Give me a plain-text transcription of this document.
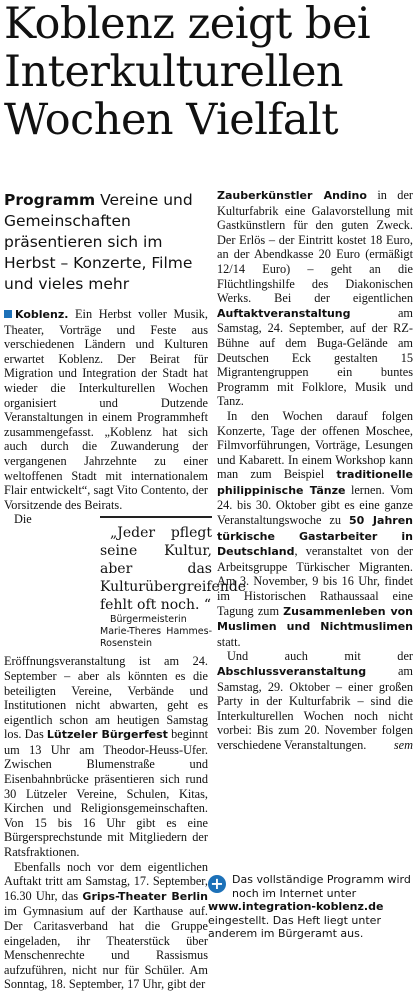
Koblenz zeigt bei
Interkulturellen
Wochen Vielfalt

Programm Vereine und Gemeinschaften präsentieren sich im Herbst – Konzerte, Filme und vieles mehr

Koblenz. Ein Herbst voller Musik, Theater, Vorträge und Feste aus verschiedenen Ländern und Kulturen erwartet Koblenz. Der Beirat für Migration und Integration der Stadt hat wieder die Interkulturellen Wochen organisiert und Dutzende Veranstaltungen in einem Programmheft zusammengefasst. „Koblenz hat sich auch durch die Zuwanderung der vergangenen Jahrzehnte zu einer weltoffenen Stadt mit internationalem Flair entwickelt“, sagt Vito Contento, der Vorsitzende des Beirats.

„Jeder pflegt seine Kultur, aber das Kulturübergreifende fehlt oft noch. “

Bürgermeisterin Marie-Theres Hammes-Rosenstein

Die Eröffnungsveranstaltung ist am 24. September – aber als könnten es die beteiligten Vereine, Verbände und Institutionen nicht abwarten, geht es eigentlich schon am heutigen Samstag los. Das Lützeler Bürgerfest beginnt um 13 Uhr am Theodor-Heuss-Ufer. Zwischen Blumenstraße und Eisenbahnbrücke präsentieren sich rund 30 Lützeler Vereine, Schulen, Kitas, Kirchen und Religionsgemeinschaften. Von 15 bis 16 Uhr gibt es eine Bürgersprechstunde mit Mitgliedern der Ratsfraktionen.

Ebenfalls noch vor dem eigentlichen Auftakt tritt am Samstag, 17. September, 16.30 Uhr, das Grips-Theater Berlin im Gymnasium auf der Karthause auf. Der Caritasverband hat die Gruppe eingeladen, ihr Theaterstück über Menschenrechte und Rassismus aufzuführen, nicht nur für Schüler. Am Sonntag, 18. September, 17 Uhr, gibt der

Zauberkünstler Andino in der Kulturfabrik eine Galavorstellung mit Gastkünstlern für den guten Zweck. Der Erlös – der Eintritt kostet 18 Euro, an der Abendkasse 20 Euro (ermäßigt 12/14 Euro) – geht an die Flüchtlingshilfe des Diakonischen Werks. Bei der eigentlichen Auftaktveranstaltung	am Samstag, 24. September, auf der RZ-Bühne auf dem Buga-Gelände am Deutschen Eck gestalten 15 Migrantengruppen ein buntes Programm mit Folklore, Musik und Tanz.

In den Wochen darauf folgen Konzerte, Tage der offenen Moschee, Filmvorführungen, Vorträge, Lesungen und Kabarett. In einem Workshop kann man zum Beispiel traditionelle philippinische Tänze lernen. Vom 24. bis 30. Oktober gibt es eine ganze Veranstaltungswoche zu 50 Jahren türkische Gastarbeiter in Deutschland, veranstaltet von der Arbeitsgruppe Türkischer Migranten. Am 3. November, 9 bis 16 Uhr, findet im Historischen Rathaussaal eine Tagung zum Zusammenleben von Muslimen und Nichtmuslimen statt.

Und auch mit der Abschlussveranstaltung	am Samstag, 29. Oktober – einer großen Party in der Kulturfabrik – sind die Interkulturellen Wochen noch nicht vorbei: Bis zum 20. November folgen verschiedene Veranstaltungen.	sem

+ Das vollständige Programm wird noch im Internet unter
www.integration-koblenz.de eingestellt. Das Heft liegt unter anderem im Bürgeramt aus.
